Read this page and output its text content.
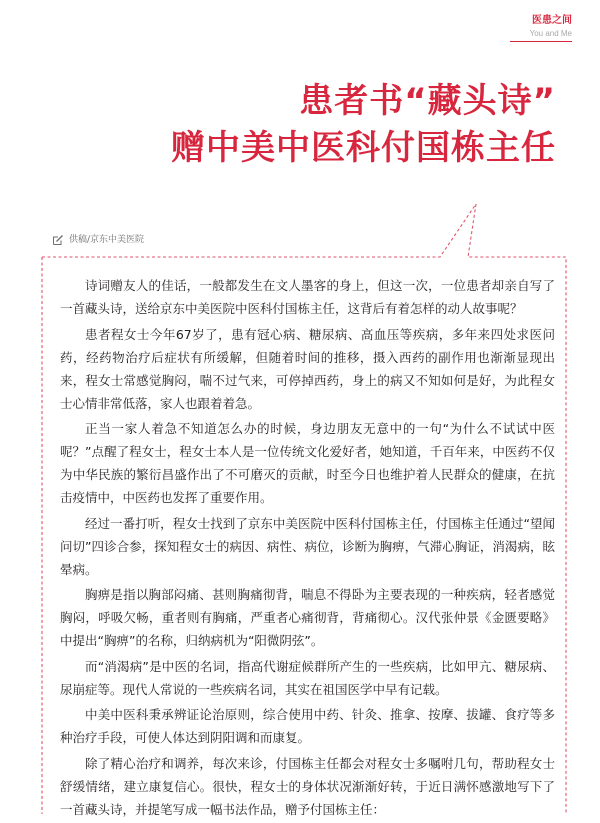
医患之间
You and Me
患者书“藏头诗”
赠中美中医科付国栋主任
供稿/京东中美医院

诗词赠友人的佳话，一般都发生在文人墨客的身上，但这一次，一位患者却亲自写了一首藏头诗，送给京东中美医院中医科付国栋主任，这背后有着怎样的动人故事呢？

患者程女士今年67岁了，患有冠心病、糖尿病、高血压等疾病，多年来四处求医问药，经药物治疗后症状有所缓解，但随着时间的推移，摄入西药的副作用也渐渐显现出来，程女士常感觉胸闷，喘不过气来，可停掉西药，身上的病又不知如何是好，为此程女士心情非常低落，家人也跟着着急。

正当一家人着急不知道怎么办的时候，身边朋友无意中的一句“为什么不试试中医呢？”点醒了程女士，程女士本人是一位传统文化爱好者，她知道，千百年来，中医药不仅为中华民族的繁衍昌盛作出了不可磨灭的贡献，时至今日也维护着人民群众的健康，在抗击疫情中，中医药也发挥了重要作用。

经过一番打听，程女士找到了京东中美医院中医科付国栋主任，付国栋主任通过“望闻问切”四诊合参，探知程女士的病因、病性、病位，诊断为胸痹，气滞心胸证，消渴病，眩晕病。

胸痹是指以胸部闷痛、甚则胸痛彻背，喘息不得卧为主要表现的一种疾病，轻者感觉胸闷，呼吸欠畅，重者则有胸痛，严重者心痛彻背，背痛彻心。汉代张仲景《金匮要略》中提出“胸痹”的名称，归纳病机为“阳微阴弦”。

而“消渴病”是中医的名词，指高代谢症候群所产生的一些疾病，比如甲亢、糖尿病、尿崩症等。现代人常说的一些疾病名词，其实在祖国医学中早有记载。

中美中医科秉承辨证论治原则，综合使用中药、针灸、推拿、按摩、拔罐、食疗等多种治疗手段，可使人体达到阴阳调和而康复。

除了精心治疗和调养，每次来诊，付国栋主任都会对程女士多嘱咐几句，帮助程女士舒缓情绪，建立康复信心。很快，程女士的身体状况渐渐好转，于近日满怀感激地写下了一首藏头诗，并提笔写成一幅书法作品，赠予付国栋主任：
